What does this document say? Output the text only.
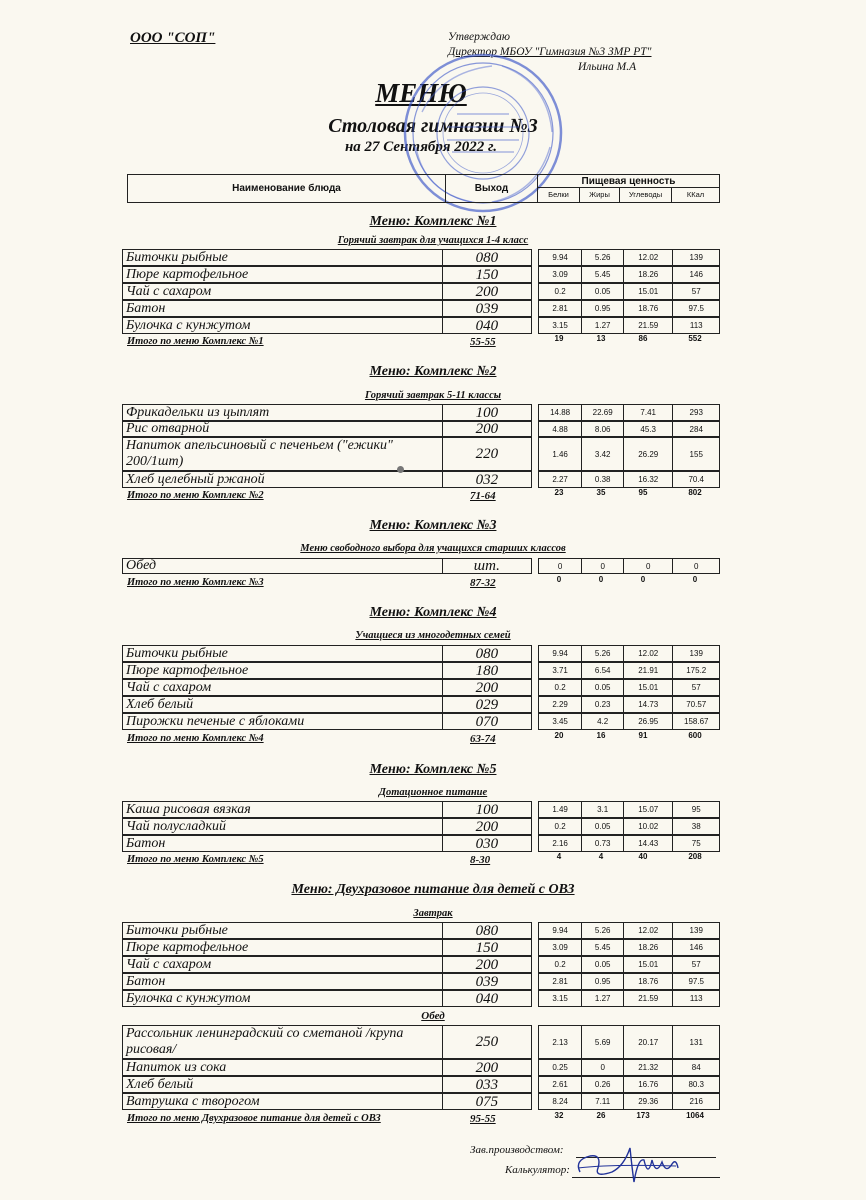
ООО "СОП"	Утверждаю
Директор МБОУ "Гимназия №3 ЗМР РТ"
Ильина М.А
МЕНЮ
Столовая гимназии №3
на 27 Сентября 2022 г.
Наименование блюда	Выход
Пищевая ценность
Белки	Жиры	Углеводы	ККал
Меню: Комплекс №1
Горячий завтрак для учащихся 1-4 класс
Биточки рыбные	080	9.94	5.26	12.02	139
Пюре картофельное	150	3.09	5.45	18.26	146
Чай с сахаром	200	0.2	0.05	15.01	57
Батон	039	2.81	0.95	18.76	97.5
Булочка с кунжутом	040	3.15	1.27	21.59	113
Итого по меню Комплекс №1	55-55	19	13	86	552
Меню: Комплекс №2
Горячий завтрак 5-11 классы
Фрикадельки из цыплят	100	14.88	22.69	7.41	293
Рис отварной	200	4.88	8.06	45.3	284
Напиток апельсиновый с печеньем ("ежики" 200/1шт)	220	1.46	3.42	26.29	155
Хлеб целебный ржаной	032	2.27	0.38	16.32	70.4
Итого по меню Комплекс №2	71-64	23	35	95	802
Меню: Комплекс №3
Меню свободного выбора для учащихся старших классов
Обед	шт.	0	0	0	0
Итого по меню Комплекс №3	87-32	0	0	0	0
Меню: Комплекс №4
Учащиеся из многодетных семей
Биточки рыбные	080	9.94	5.26	12.02	139
Пюре картофельное	180	3.71	6.54	21.91	175.2
Чай с сахаром	200	0.2	0.05	15.01	57
Хлеб белый	029	2.29	0.23	14.73	70.57
Пирожки печеные с яблоками	070	3.45	4.2	26.95	158.67
Итого по меню Комплекс №4	63-74	20	16	91	600
Меню: Комплекс №5
Дотационное питание
Каша рисовая вязкая	100	1.49	3.1	15.07	95
Чай полусладкий	200	0.2	0.05	10.02	38
Батон	030	2.16	0.73	14.43	75
Итого по меню Комплекс №5	8-30	4	4	40	208
Меню: Двухразовое питание для детей с ОВЗ
Завтрак
Биточки рыбные	080	9.94	5.26	12.02	139
Пюре картофельное	150	3.09	5.45	18.26	146
Чай с сахаром	200	0.2	0.05	15.01	57
Батон	039	2.81	0.95	18.76	97.5
Булочка с кунжутом	040	3.15	1.27	21.59	113
Обед
Рассольник ленинградский со сметаной /крупа рисовая/	250	2.13	5.69	20.17	131
Напиток из сока	200	0.25	0	21.32	84
Хлеб белый	033	2.61	0.26	16.76	80.3
Ватрушка с творогом	075	8.24	7.11	29.36	216
Итого по меню Двухразовое питание для детей с ОВЗ	95-55	32	26	173	1064
Зав.производством:
Калькулятор:
